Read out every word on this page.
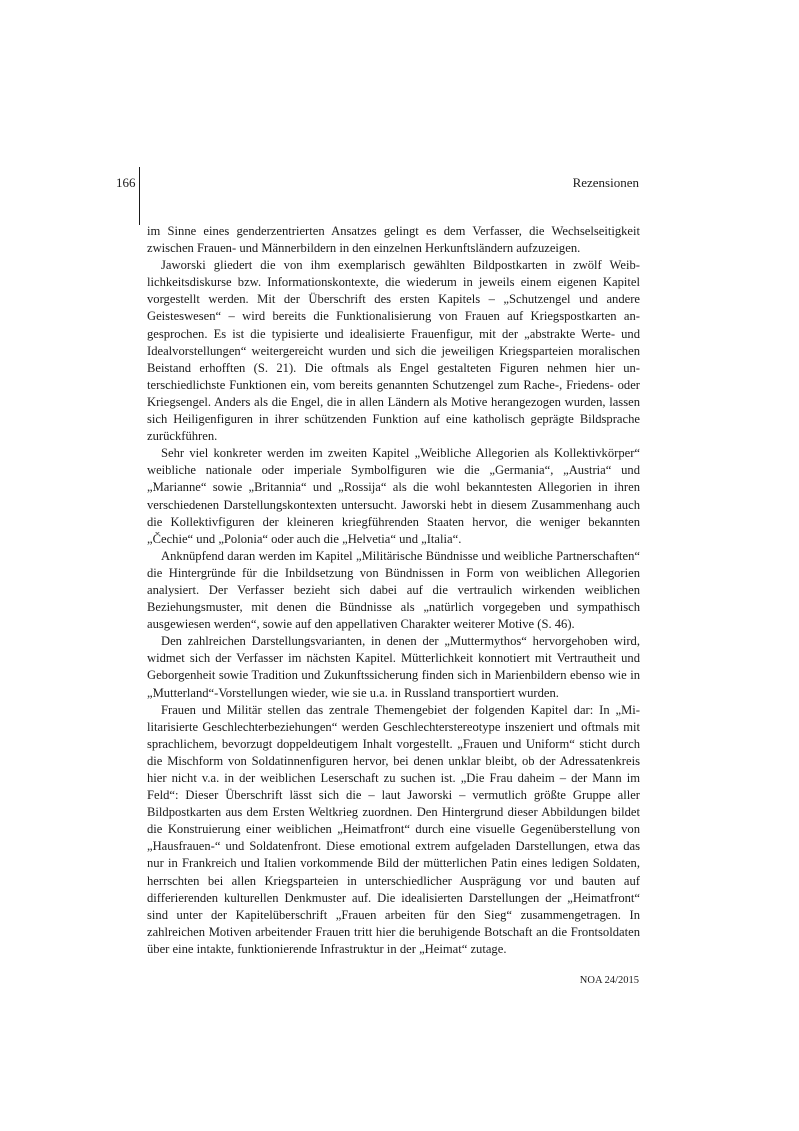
166	Rezensionen

im Sinne eines genderzentrierten Ansatzes gelingt es dem Verfasser, die Wechselseitigkeit zwischen Frauen- und Männerbildern in den einzelnen Herkunftsländern aufzuzeigen.

Jaworski gliedert die von ihm exemplarisch gewählten Bildpostkarten in zwölf Weiblichkeitsdiskurse bzw. Informationskontexte, die wiederum in jeweils einem eigenen Kapitel vorgestellt werden. Mit der Überschrift des ersten Kapitels – „Schutzengel und andere Geisteswesen“ – wird bereits die Funktionalisierung von Frauen auf Kriegspostkarten angesprochen. Es ist die typisierte und idealisierte Frauenfigur, mit der „abstrakte Werte- und Idealvorstellungen“ weitergereicht wurden und sich die jeweiligen Kriegsparteien moralischen Beistand erhofften (S. 21). Die oftmals als Engel gestalteten Figuren nehmen hier unterschiedlichste Funktionen ein, vom bereits genannten Schutzengel zum Rache-, Friedens- oder Kriegsengel. Anders als die Engel, die in allen Ländern als Motive herangezogen wurden, lassen sich Heiligenfiguren in ihrer schützenden Funktion auf eine katholisch geprägte Bildsprache zurückführen.

Sehr viel konkreter werden im zweiten Kapitel „Weibliche Allegorien als Kollektivkörper“ weibliche nationale oder imperiale Symbolfiguren wie die „Germania“, „Austria“ und „Marianne“ sowie „Britannia“ und „Rossija“ als die wohl bekanntesten Allegorien in ihren verschiedenen Darstellungskontexten untersucht. Jaworski hebt in diesem Zusammenhang auch die Kollektivfiguren der kleineren kriegführenden Staaten hervor, die weniger bekannten „Čechie“ und „Polonia“ oder auch die „Helvetia“ und „Italia“.

Anknüpfend daran werden im Kapitel „Militärische Bündnisse und weibliche Partnerschaften“ die Hintergründe für die Inbildsetzung von Bündnissen in Form von weiblichen Allegorien analysiert. Der Verfasser bezieht sich dabei auf die vertraulich wirkenden weiblichen Beziehungsmuster, mit denen die Bündnisse als „natürlich vorgegeben und sympathisch ausgewiesen werden“, sowie auf den appellativen Charakter weiterer Motive (S. 46).

Den zahlreichen Darstellungsvarianten, in denen der „Muttermythos“ hervorgehoben wird, widmet sich der Verfasser im nächsten Kapitel. Mütterlichkeit konnotiert mit Vertrautheit und Geborgenheit sowie Tradition und Zukunftssicherung finden sich in Marienbildern ebenso wie in „Mutterland“-Vorstellungen wieder, wie sie u.a. in Russland transportiert wurden.

Frauen und Militär stellen das zentrale Themengebiet der folgenden Kapitel dar: In „Militarisierte Geschlechterbeziehungen“ werden Geschlechterstereotype inszeniert und oftmals mit sprachlichem, bevorzugt doppeldeutigem Inhalt vorgestellt. „Frauen und Uniform“ sticht durch die Mischform von Soldatinnenfiguren hervor, bei denen unklar bleibt, ob der Adressatenkreis hier nicht v.a. in der weiblichen Leserschaft zu suchen ist. „Die Frau daheim – der Mann im Feld“: Dieser Überschrift lässt sich die – laut Jaworski – vermutlich größte Gruppe aller Bildpostkarten aus dem Ersten Weltkrieg zuordnen. Den Hintergrund dieser Abbildungen bildet die Konstruierung einer weiblichen „Heimatfront“ durch eine visuelle Gegenüberstellung von „Hausfrauen-“ und Soldatenfront. Diese emotional extrem aufgeladen Darstellungen, etwa das nur in Frankreich und Italien vorkommende Bild der mütterlichen Patin eines ledigen Soldaten, herrschten bei allen Kriegsparteien in unterschiedlicher Ausprägung vor und bauten auf differierenden kulturellen Denkmuster auf. Die idealisierten Darstellungen der „Heimatfront“ sind unter der Kapitelüberschrift „Frauen arbeiten für den Sieg“ zusammengetragen. In zahlreichen Motiven arbeitender Frauen tritt hier die beruhigende Botschaft an die Frontsoldaten über eine intakte, funktionierende Infrastruktur in der „Heimat“ zutage.

NOA 24/2015
